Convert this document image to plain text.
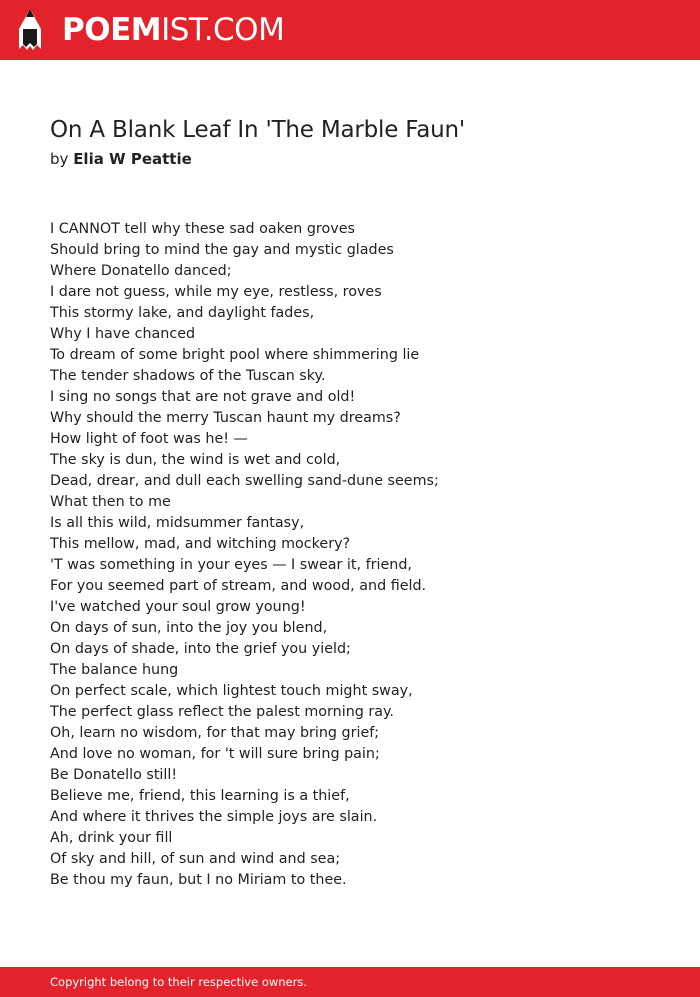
POEMIST.COM
On A Blank Leaf In 'The Marble Faun'
by Elia W Peattie
I CANNOT tell why these sad oaken groves
Should bring to mind the gay and mystic glades
Where Donatello danced;
I dare not guess, while my eye, restless, roves
This stormy lake, and daylight fades,
Why I have chanced
To dream of some bright pool where shimmering lie
The tender shadows of the Tuscan sky.
I sing no songs that are not grave and old!
Why should the merry Tuscan haunt my dreams?
How light of foot was he! —
The sky is dun, the wind is wet and cold,
Dead, drear, and dull each swelling sand-dune seems;
What then to me
Is all this wild, midsummer fantasy,
This mellow, mad, and witching mockery?
'T was something in your eyes — I swear it, friend,
For you seemed part of stream, and wood, and field.
I've watched your soul grow young!
On days of sun, into the joy you blend,
On days of shade, into the grief you yield;
The balance hung
On perfect scale, which lightest touch might sway,
The perfect glass reflect the palest morning ray.
Oh, learn no wisdom, for that may bring grief;
And love no woman, for 't will sure bring pain;
Be Donatello still!
Believe me, friend, this learning is a thief,
And where it thrives the simple joys are slain.
Ah, drink your fill
Of sky and hill, of sun and wind and sea;
Be thou my faun, but I no Miriam to thee.
Copyright belong to their respective owners.
